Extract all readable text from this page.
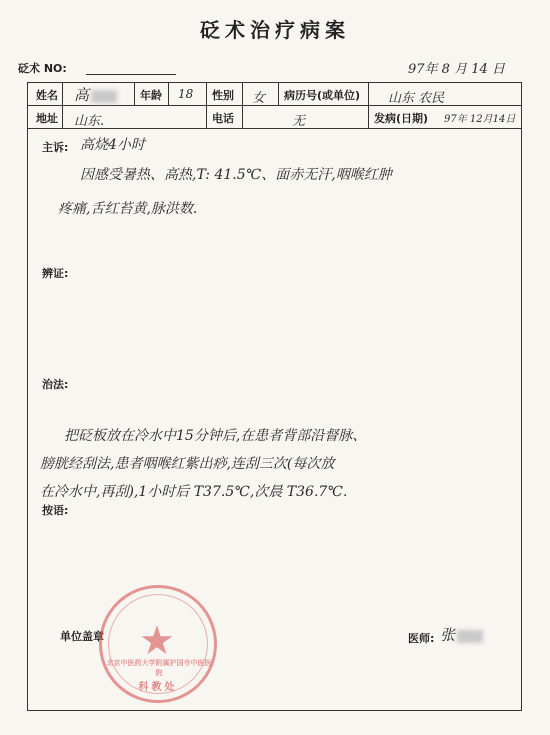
砭术治疗病案
砭术 NO:	97年 8 月 14 日
姓名 高	年龄 18 性别 女 病历号(或单位) 山东 农民
地址 山东.	电话	无	发病(日期) 97年 12月14日
主诉: 高烧4小时
因感受暑热、高热,T: 41.5℃、面赤无汗,咽喉红肿
疼痛,舌红苔黄,脉洪数.
辨证:
治法:
把砭板放在冷水中15分钟后,在患者背部沿督脉、
膀胱经刮法,患者咽喉红紫出痧,连刮三次(每次放
在冷水中,再刮),1小时后 T37.5℃,次晨 T36.7℃.
按语:
单位盖章	医师: 张
★
北京中医药大学附属护国寺中医医院
科教处
